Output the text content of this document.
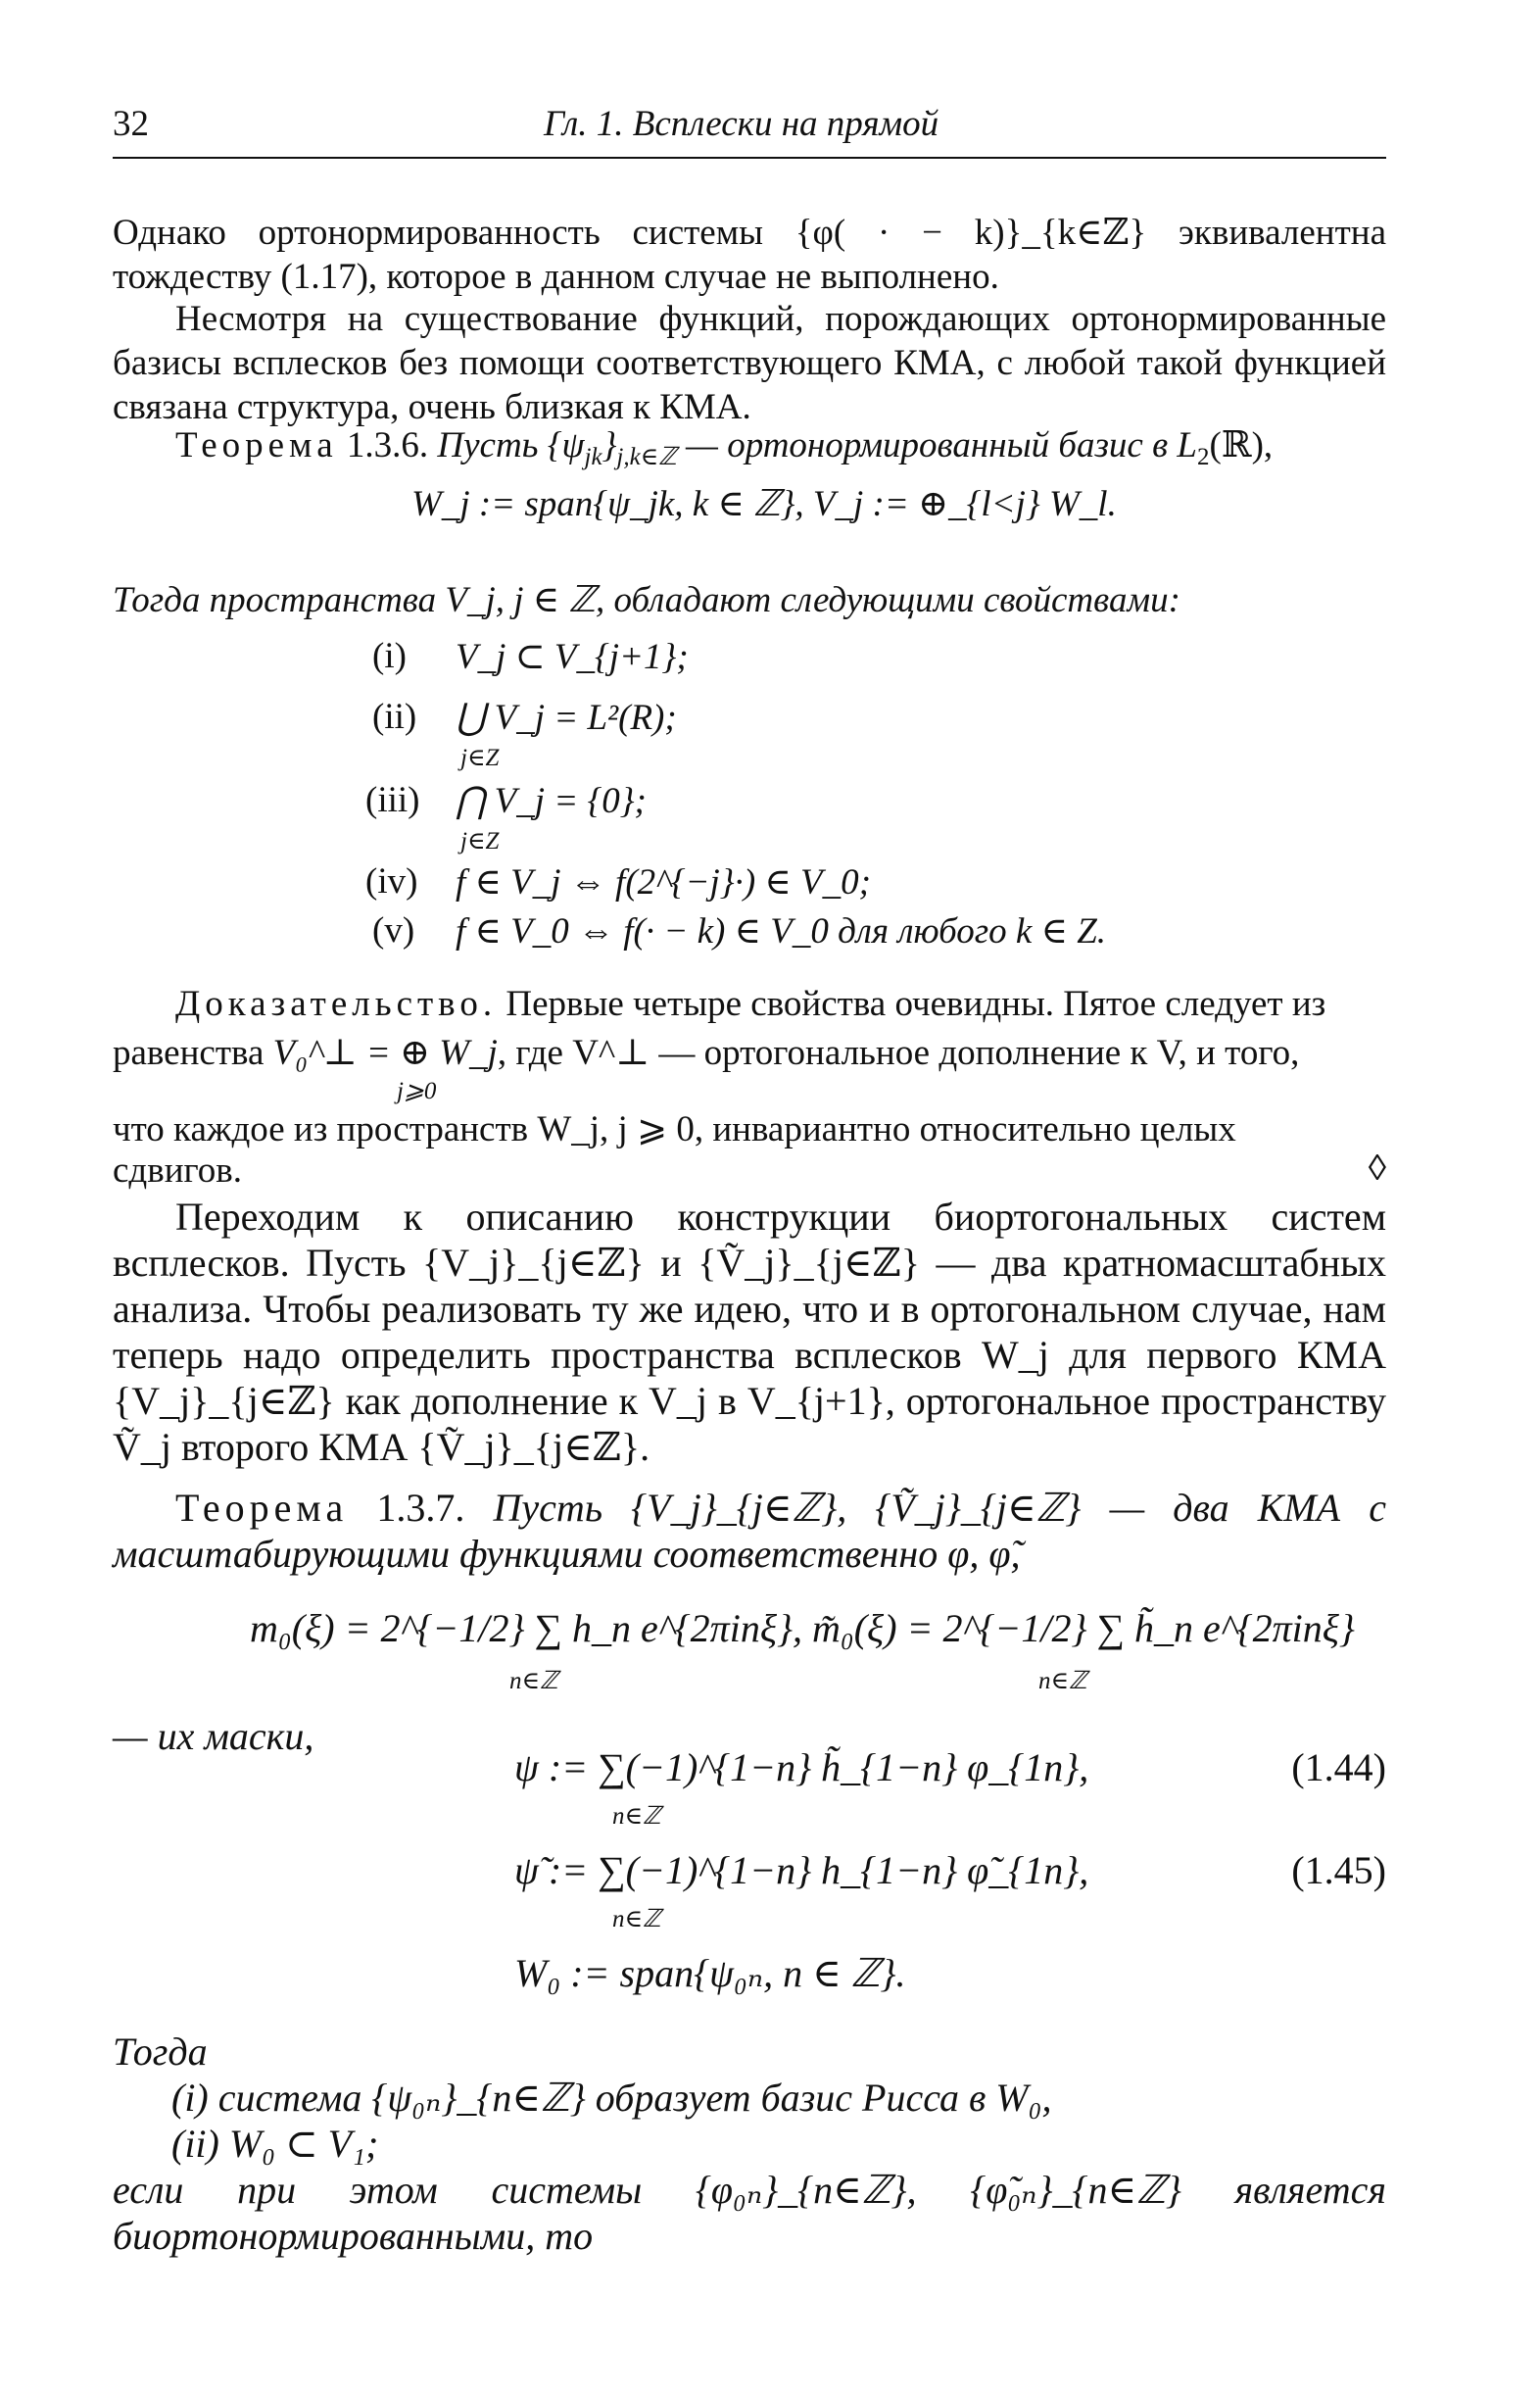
32	Гл. 1. Всплески на прямой
Однако ортонормированность системы {φ( · − k)}_{k∈ℤ} эквивалентна тождеству (1.17), которое в данном случае не выполнено.
Несмотря на существование функций, порождающих ортонормированные базисы всплесков без помощи соответствующего КМА, с любой такой функцией связана структура, очень близкая к КМА.
Теорема 1.3.6. Пусть $\{\psi_{jk}\}_{j,k\in ℤ}$ — ортонормированный базис в $L_2(ℝ)$,
W_j := span{ψ_jk, k ∈ ℤ}, V_j := ⊕_{l<j} W_l.
Тогда пространства V_j, j ∈ ℤ, обладают следующими свойствами:
(i) V_j ⊂ V_{j+1};
(ii) ⋃ V_j = L²(R);
j∈Z
(iii) ⋂ V_j = {0};
j∈Z
(iv) f ∈ V_j ⇔ f(2^{−j}·) ∈ V_0;
(v) f ∈ V_0 ⇔ f(· − k) ∈ V_0 для любого k ∈ Z.
Доказательство. Первые четыре свойства очевидны. Пятое следует из
равенства V₀^⊥ = ⊕ W_j, где V^⊥ — ортогональное дополнение к V, и того,
j⩾0
что каждое из пространств W_j, j ⩾ 0, инвариантно относительно целых
сдвигов.	◊
Переходим к описанию конструкции биортогональных систем всплесков. Пусть {V_j}_{j∈ℤ} и {Ṽ_j}_{j∈ℤ} — два кратномасштабных анализа. Чтобы реализовать ту же идею, что и в ортогональном случае, нам теперь надо определить пространства всплесков W_j для первого КМА {V_j}_{j∈ℤ} как дополнение к V_j в V_{j+1}, ортогональное пространству Ṽ_j второго КМА {Ṽ_j}_{j∈ℤ}.
Теорема 1.3.7. Пусть {V_j}_{j∈ℤ}, {Ṽ_j}_{j∈ℤ} — два КМА с масштабирующими функциями соответственно φ, φ̃,
m₀(ξ) = 2^{−1/2} ∑ h_n e^{2πinξ}, m̃₀(ξ) = 2^{−1/2} ∑ h̃_n e^{2πinξ}
n∈ℤ	n∈ℤ
— их маски,
ψ := ∑(−1)^{1−n} h̃_{1−n} φ_{1n},
n∈ℤ
(1.44)
ψ̃ := ∑(−1)^{1−n} h_{1−n} φ̃_{1n},
n∈ℤ
(1.45)
W₀ := span{ψ₀ₙ, n ∈ ℤ}.
Тогда
(i) система {ψ₀ₙ}_{n∈ℤ} образует базис Рисса в W₀,
(ii) W₀ ⊂ V₁;
если при этом системы {φ₀ₙ}_{n∈ℤ}, {φ̃₀ₙ}_{n∈ℤ} является биортонормированными, то
